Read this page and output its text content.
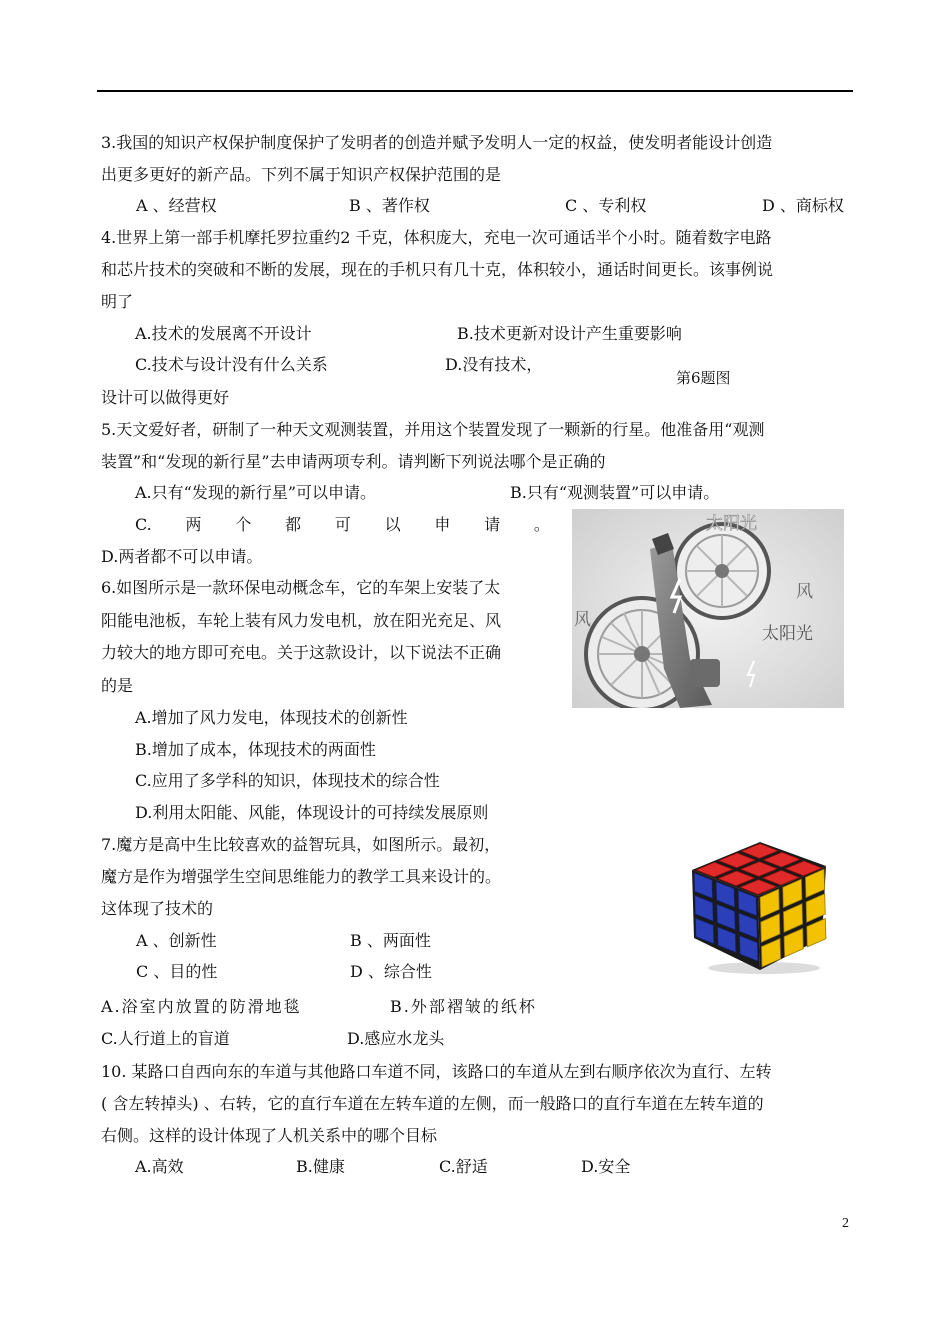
3.我国的知识产权保护制度保护了发明者的创造并赋予发明人一定的权益，使发明者能设计创造
出更多更好的新产品。下列不属于知识产权保护范围的是
A 、经营权	B 、著作权	C 、专利权	D 、商标权
4.世界上第一部手机摩托罗拉重约2 千克，体积庞大，充电一次可通话半个小时。随着数字电路
和芯片技术的突破和不断的发展，现在的手机只有几十克，体积较小，通话时间更长。该事例说
明了
A.技术的发展离不开设计	B.技术更新对设计产生重要影响
C.技术与设计没有什么关系	D.没有技术，
第6题图
设计可以做得更好
5.天文爱好者，研制了一种天文观测装置，并用这个装置发现了一颗新的行星。他准备用“观测
装置”和“发现的新行星”去申请两项专利。请判断下列说法哪个是正确的
A.只有“发现的新行星”可以申请。	B.只有“观测装置”可以申请。
C. 两 个 都 可 以 申 请 。
D.两者都不可以申请。
6.如图所示是一款环保电动概念车，它的车架上安装了太
阳能电池板，车轮上装有风力发电机，放在阳光充足、风
力较大的地方即可充电。关于这款设计，以下说法不正确
的是
A.增加了风力发电，体现技术的创新性
B.增加了成本，体现技术的两面性
C.应用了多学科的知识，体现技术的综合性
D.利用太阳能、风能，体现设计的可持续发展原则
太阳光
风
风
太阳光
7.魔方是高中生比较喜欢的益智玩具，如图所示。最初，
魔方是作为增强学生空间思维能力的教学工具来设计的。
这体现了技术的
A 、创新性	B 、两面性
C 、目的性	D 、综合性
A.浴室内放置的防滑地毯	B.外部褶皱的纸杯
C.人行道上的盲道	D.感应水龙头
10. 某路口自西向东的车道与其他路口车道不同，该路口的车道从左到右顺序依次为直行、左转
( 含左转掉头) 、右转，它的直行车道在左转车道的左侧，而一般路口的直行车道在左转车道的
右侧。这样的设计体现了人机关系中的哪个目标
A.高效	B.健康	C.舒适	D.安全
2
